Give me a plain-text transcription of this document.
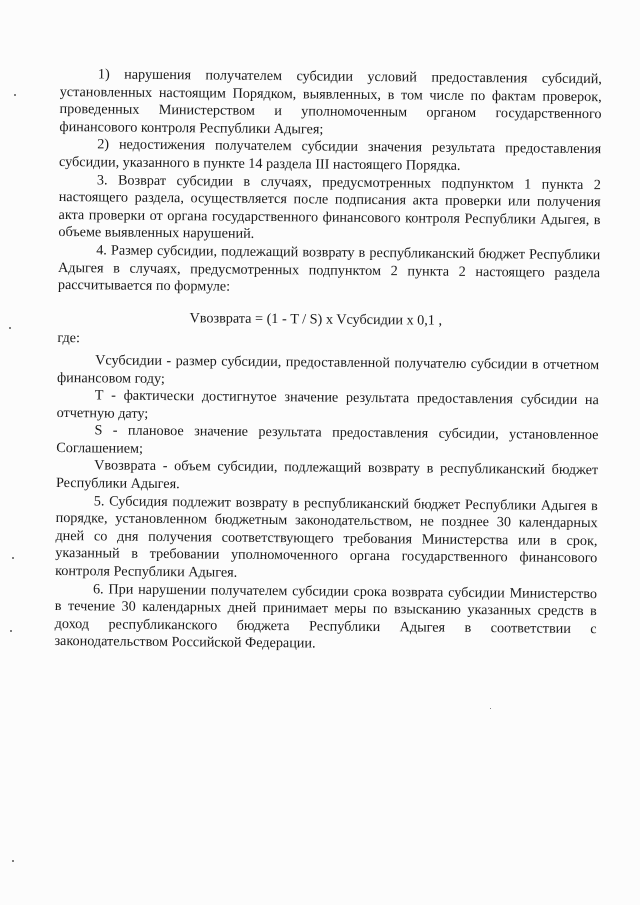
1) нарушения получателем субсидии условий предоставления субсидий, установленных настоящим Порядком, выявленных, в том числе по фактам проверок, проведенных Министерством и уполномоченным органом государственного финансового контроля Республики Адыгея;

2) недостижения получателем субсидии значения результата предоставления субсидии, указанного в пункте 14 раздела III настоящего Порядка.

3. Возврат субсидии в случаях, предусмотренных подпунктом 1 пункта 2 настоящего раздела, осуществляется после подписания акта проверки или получения акта проверки от органа государственного финансового контроля Республики Адыгея, в объеме выявленных нарушений.

4. Размер субсидии, подлежащий возврату в республиканский бюджет Республики Адыгея в случаях, предусмотренных подпунктом 2 пункта 2 настоящего раздела рассчитывается по формуле:

Vвозврата = (1 - T / S) x Vсубсидии x 0,1 ,

где:

Vсубсидии - размер субсидии, предоставленной получателю субсидии в отчетном финансовом году;

Т - фактически достигнутое значение результата предоставления субсидии на отчетную дату;

S - плановое значение результата предоставления субсидии, установленное Соглашением;

Vвозврата - объем субсидии, подлежащий возврату в республиканский бюджет Республики Адыгея.

5. Субсидия подлежит возврату в республиканский бюджет Республики Адыгея в порядке, установленном бюджетным законодательством, не позднее 30 календарных дней со дня получения соответствующего требования Министерства или в срок, указанный в требовании уполномоченного органа государственного финансового контроля Республики Адыгея.

6. При нарушении получателем субсидии срока возврата субсидии Министерство в течение 30 календарных дней принимает меры по взысканию указанных средств в доход республиканского бюджета Республики Адыгея в соответствии с законодательством Российской Федерации.
